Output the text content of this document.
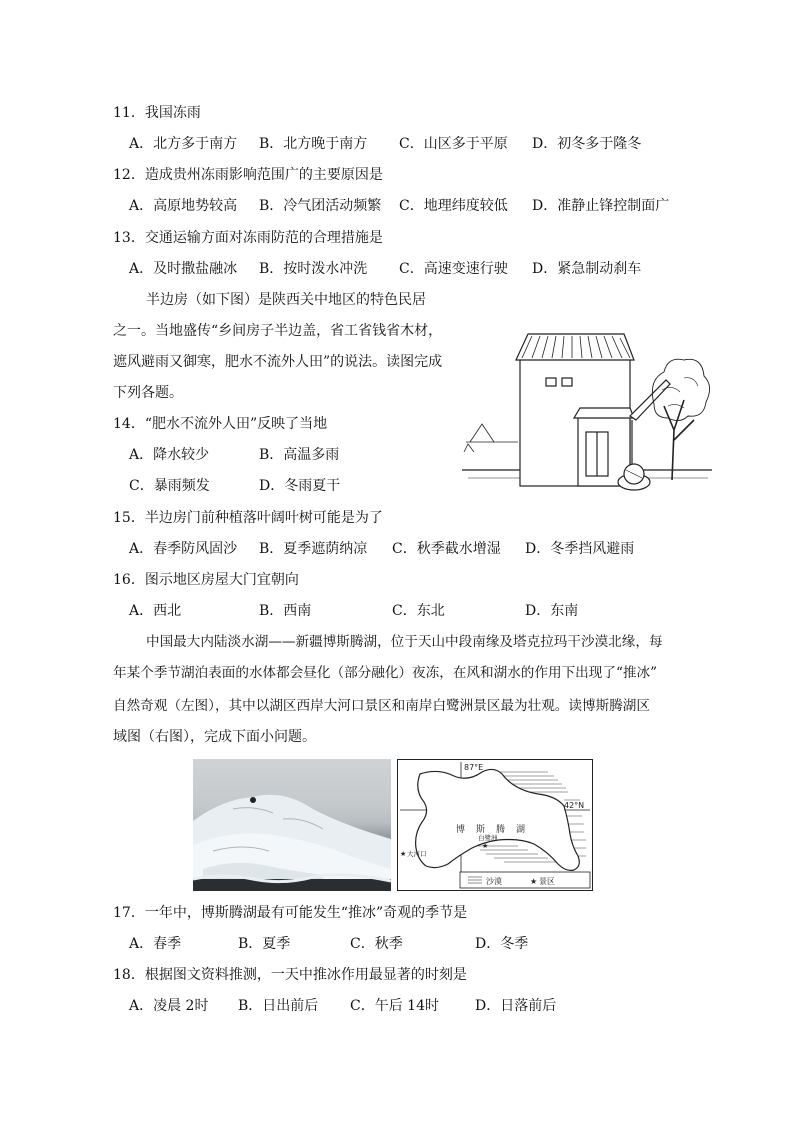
11．我国冻雨
A．北方多于南方 B．北方晚于南方 C．山区多于平原 D．初冬多于隆冬
12．造成贵州冻雨影响范围广的主要原因是
A．高原地势较高 B．冷气团活动频繁 C．地理纬度较低 D．准静止锋控制面广
13．交通运输方面对冻雨防范的合理措施是
A．及时撒盐融冰 B．按时泼水冲洗 C．高速变速行驶 D．紧急制动刹车
半边房（如下图）是陕西关中地区的特色民居
之一。当地盛传“乡间房子半边盖，省工省钱省木材，
遮风避雨又御寒，肥水不流外人田”的说法。读图完成
下列各题。
14．“肥水不流外人田”反映了当地
A．降水较少	B．高温多雨
C．暴雨频发	D．冬雨夏干
15．半边房门前种植落叶阔叶树可能是为了
A．春季防风固沙 B．夏季遮荫纳凉 C．秋季截水增湿 D．冬季挡风避雨
16．图示地区房屋大门宜朝向
A．西北	B．西南	C．东北	D．东南
中国最大内陆淡水湖——新疆博斯腾湖，位于天山中段南缘及塔克拉玛干沙漠北缘，每
年某个季节湖泊表面的水体都会昼化（部分融化）夜冻，在风和湖水的作用下出现了“推冰”
自然奇观（左图），其中以湖区西岸大河口景区和南岸白鹭洲景区最为壮观。读博斯腾湖区
域图（右图），完成下面小问题。
87°E
42°N
博 斯 腾 湖
白鹭洲
★
★ 大河口
沙漠	★ 景区
17．一年中，博斯腾湖最有可能发生“推冰”奇观的季节是
A．春季	B．夏季	C．秋季	D．冬季
18．根据图文资料推测，一天中推冰作用最显著的时刻是
A．凌晨 2时 B．日出前后 C．午后 14时	D．日落前后
